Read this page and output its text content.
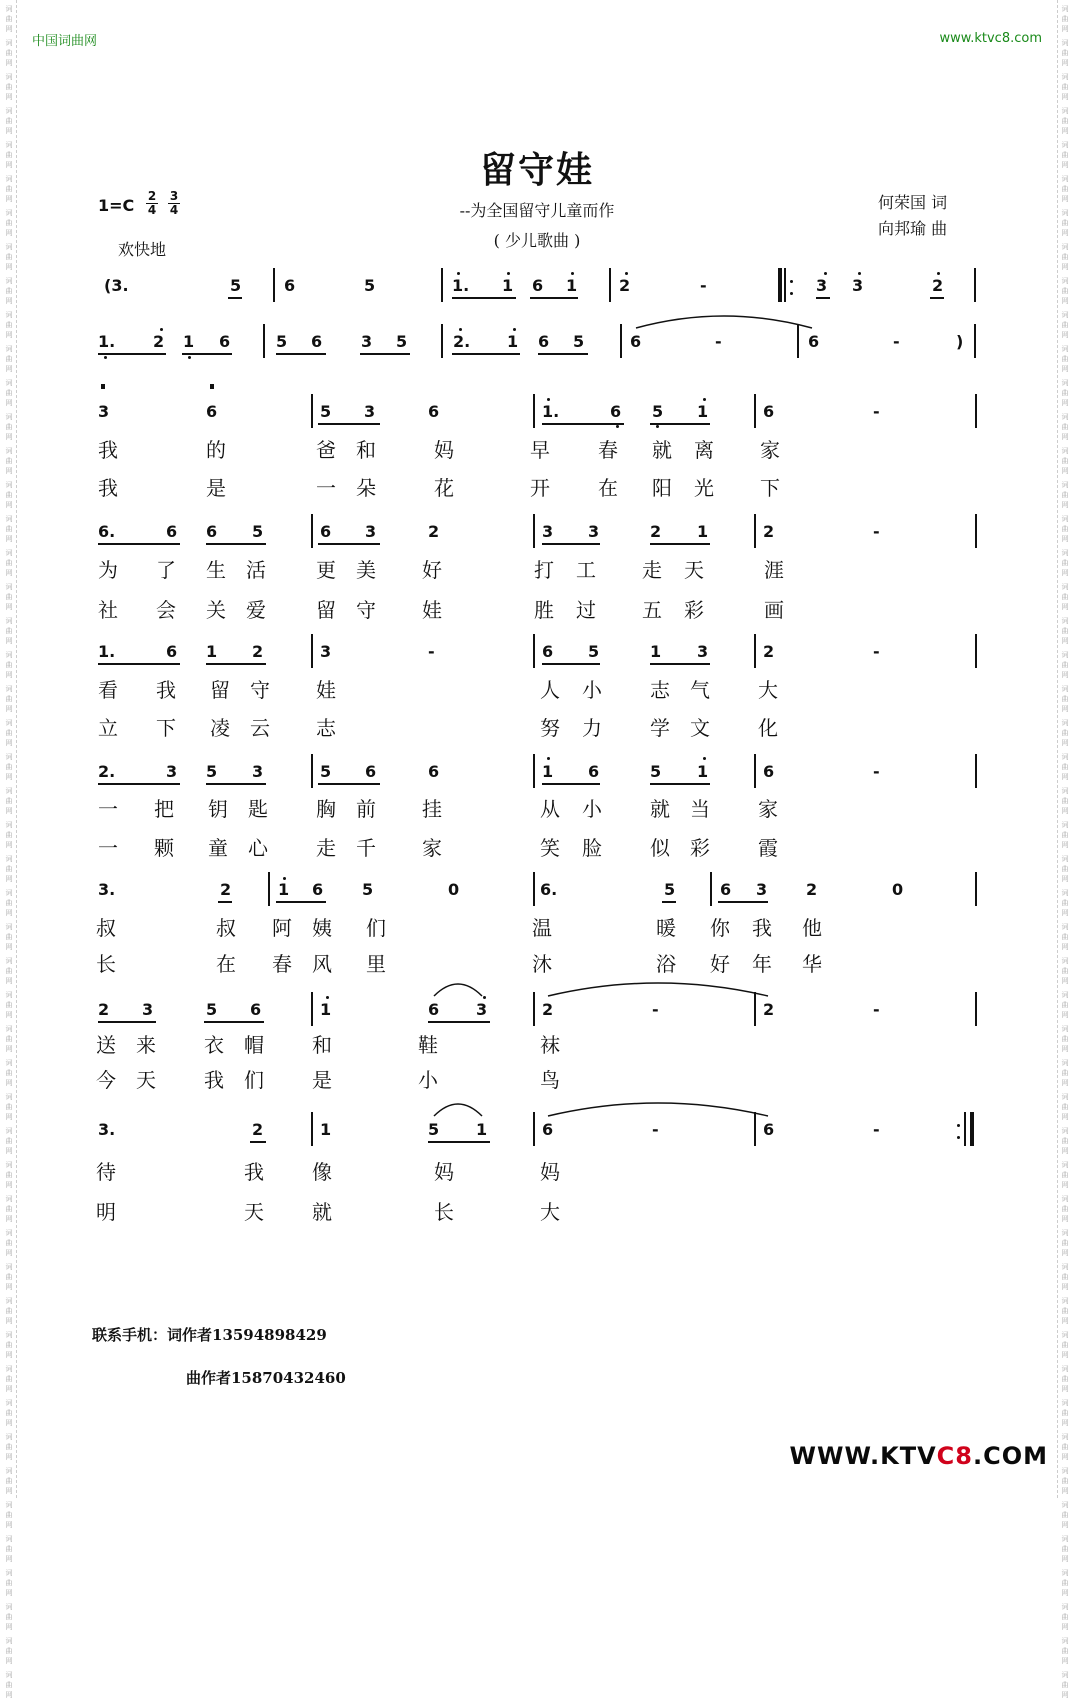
词
曲
网
词
曲
网
词
曲
网
词
曲
网
词
曲
网
词
曲
网
词
曲
网
词
曲
网
词
曲
网
词
曲
网
词
曲
网
词
曲
网
词
曲
网
词
曲
网
词
曲
网
词
曲
网
词
曲
网
词
曲
网
词
曲
网
词
曲
网
词
曲
网
词
曲
网
词
曲
网
词
曲
网
词
曲
网
词
曲
网
词
曲
网
词
曲
网
词
曲
网
词
曲
网
词
曲
网
词
曲
网
词
曲
网
词
曲
网
词
曲
网
词
曲
网
词
曲
网
词
曲
网
词
曲
网
词
曲
网
词
曲
网
词
曲
网
词
曲
网
词
曲
网
词
曲
网
词
曲
网
词
曲
网
词
曲
网
词
曲
网
词
曲
网
词
曲
网
词
曲
网
词
曲
网
词
曲
网
词
曲
网
词
曲
网
词
曲
网
词
曲
网
词
曲
网
词
曲
网
词
曲
网
词
曲
网
词
曲
网
词
曲
网
词
曲
网
词
曲
网
词
曲
网
词
曲
网
词
曲
网
词
曲
网
词
曲
网
词
曲
网
词
曲
网
词
曲
网
词
曲
网
词
曲
网
词
曲
网
词
曲
网
词
曲
网
词
曲
网
词
曲
网
词
曲
网
词
曲
网
词
曲
网
词
曲
网
词
曲
网
词
曲
网
词
曲
网
词
曲
网
词
曲
网
词
曲
网
词
曲
网
词
曲
网
词
曲
网
词
曲
网
词
曲
网
词
曲
网
词
曲
网
词
曲
网
词
曲
网
中国词曲网	www.ktvc8.com
留守娃
--为全国留守儿童而作
( 少儿歌曲 )
何荣国 词
向邦瑜 曲
$1=C \frac{2}{4} \frac{3}{4}$
欢快地
(3.	5	6	5	1. 1 6 1	2	-	3 3	2
1. 2 1 6	5 6 3 5	2. 1 6 5	6	-	6	-	)
3	6	5 3	6	1.	6 5 1	6	-
我	的	爸 和	妈	早 春 就 离 家
我	是	一 朵	花	开 在 阳 光 下
6.	6 6 5	6 3	2	3 3	2 1	2	-
为 了 生 活	更 美 好	打 工 走 天	涯
社 会 关 爱	留 守 娃	胜 过 五 彩	画
1.	6 1 2	3	-	6 5	1 3	2	-
看 我 留 守 娃	人 小 志 气 大
立 下 凌 云 志	努 力 学 文 化
2.	3 5 3	5 6	6	1 6	5 1	6	-
一 把 钥 匙 胸 前 挂	从 小 就 当 家
一 颗 童 心 走 千 家	笑 脸 似 彩 霞
3.	2	1 6 5	0	6.	5	6 3 2	0
叔	叔 阿 姨 们	温	暖 你 我 他
长	在 春 风 里	沐	浴 好 年 华
2 3	5 6	1	6 3	2	-	2	-
送 来 衣 帽 和	鞋	袜
今 天 我 们 是	小	鸟
3.	2	1	5 1	6	-	6	-
待	我 像	妈	妈
明	天 就	长	大
联系手机：词作者13594898429
曲作者15870432460
WWW.KTVC8.COM
